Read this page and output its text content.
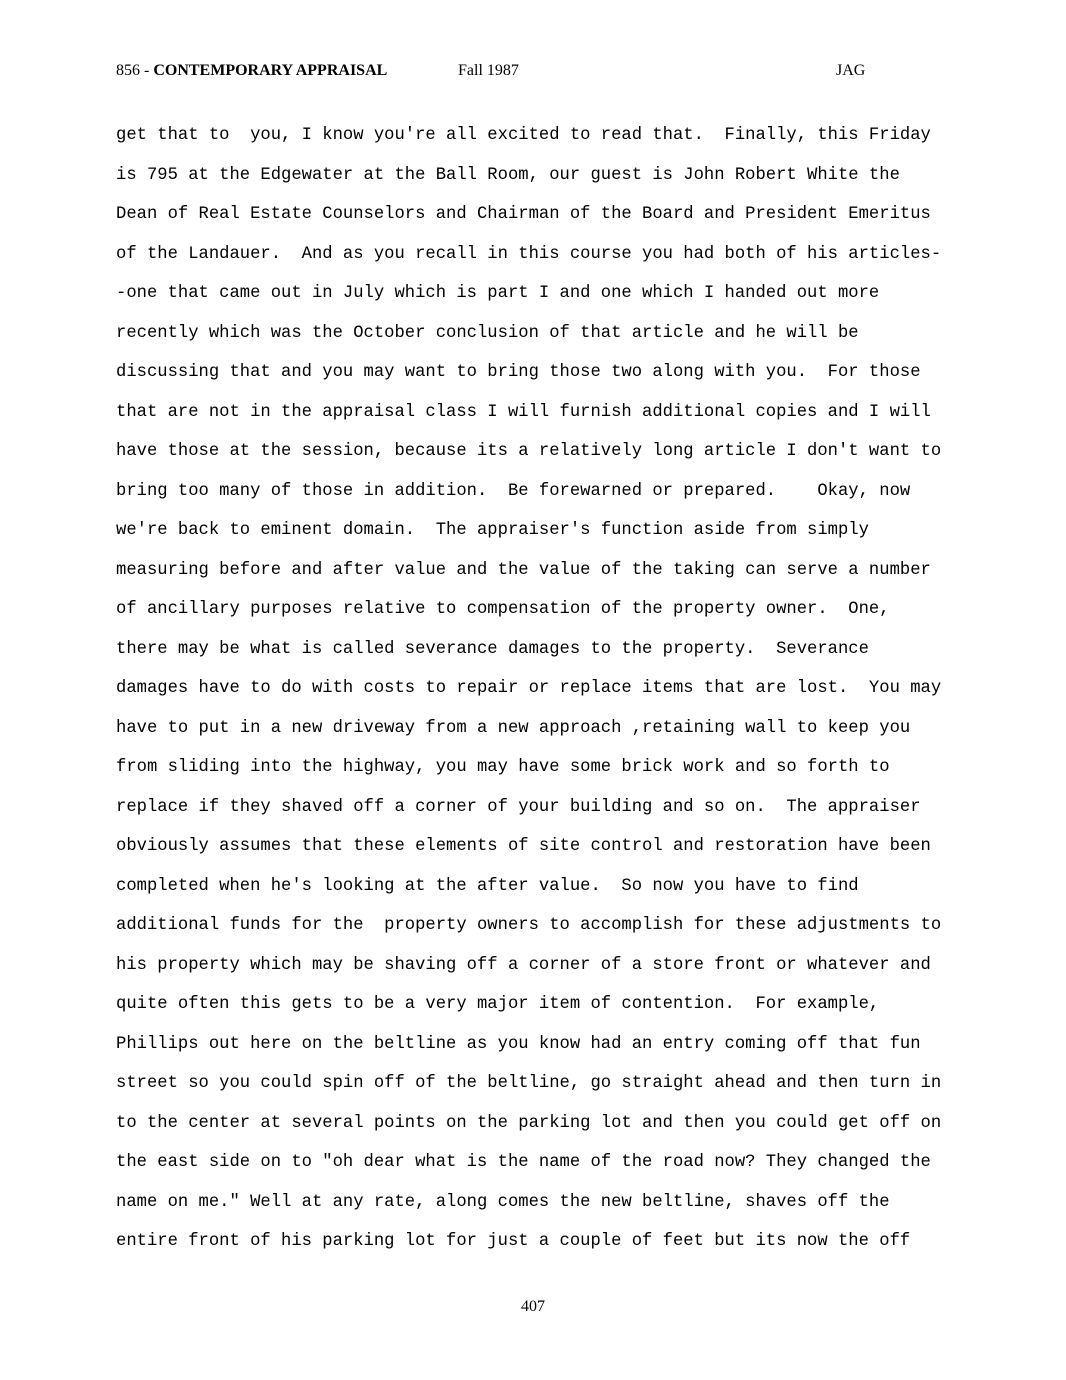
856 - CONTEMPORARY APPRAISAL	Fall 1987	JAG
get that to  you, I know you're all excited to read that.  Finally, this Friday
is 795 at the Edgewater at the Ball Room, our guest is John Robert White the
Dean of Real Estate Counselors and Chairman of the Board and President Emeritus
of the Landauer.  And as you recall in this course you had both of his articles-
-one that came out in July which is part I and one which I handed out more
recently which was the October conclusion of that article and he will be
discussing that and you may want to bring those two along with you.  For those
that are not in the appraisal class I will furnish additional copies and I will
have those at the session, because its a relatively long article I don't want to
bring too many of those in addition.  Be forewarned or prepared.    Okay, now
we're back to eminent domain.  The appraiser's function aside from simply
measuring before and after value and the value of the taking can serve a number
of ancillary purposes relative to compensation of the property owner.  One,
there may be what is called severance damages to the property.  Severance
damages have to do with costs to repair or replace items that are lost.  You may
have to put in a new driveway from a new approach ,retaining wall to keep you
from sliding into the highway, you may have some brick work and so forth to
replace if they shaved off a corner of your building and so on.  The appraiser
obviously assumes that these elements of site control and restoration have been
completed when he's looking at the after value.  So now you have to find
additional funds for the  property owners to accomplish for these adjustments to
his property which may be shaving off a corner of a store front or whatever and
quite often this gets to be a very major item of contention.  For example,
Phillips out here on the beltline as you know had an entry coming off that fun
street so you could spin off of the beltline, go straight ahead and then turn in
to the center at several points on the parking lot and then you could get off on
the east side on to "oh dear what is the name of the road now? They changed the
name on me." Well at any rate, along comes the new beltline, shaves off the
entire front of his parking lot for just a couple of feet but its now the off
407
